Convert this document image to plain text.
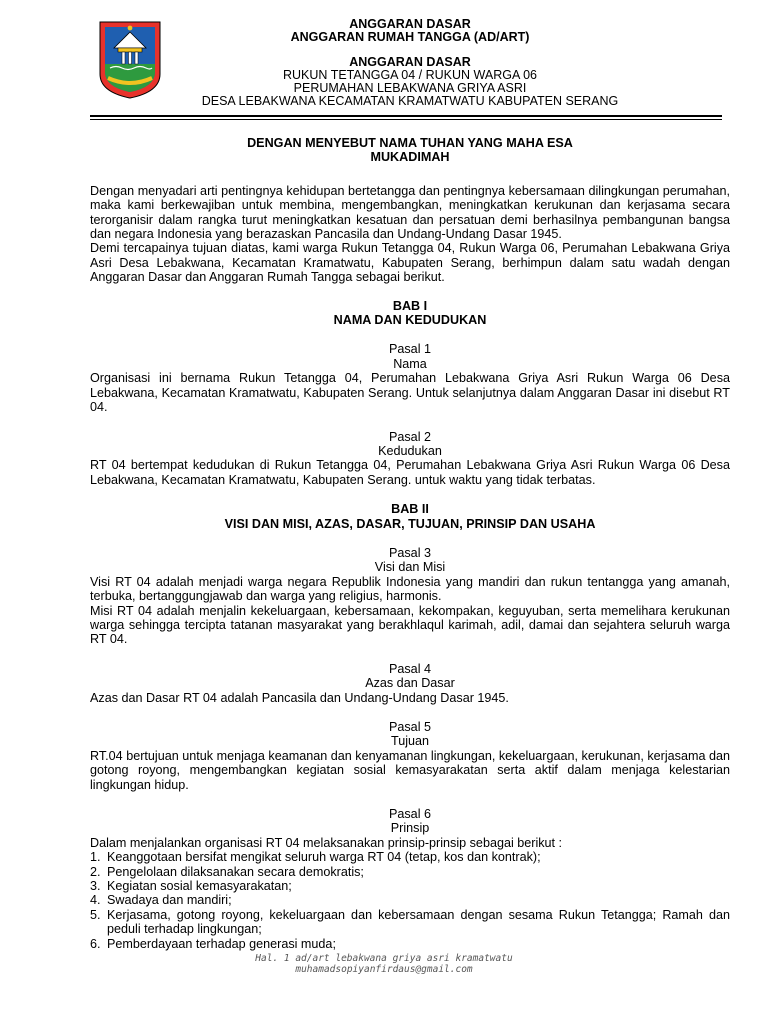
ANGGARAN DASAR
ANGGARAN RUMAH TANGGA (AD/ART)
ANGGARAN DASAR
RUKUN TETANGGA 04 / RUKUN WARGA 06
PERUMAHAN LEBAKWANA GRIYA ASRI
DESA LEBAKWANA KECAMATAN KRAMATWATU KABUPATEN SERANG
DENGAN MENYEBUT NAMA TUHAN YANG MAHA ESA
MUKADIMAH
Dengan menyadari arti pentingnya kehidupan bertetangga dan pentingnya kebersamaan dilingkungan perumahan, maka kami berkewajiban untuk membina, mengembangkan, meningkatkan kerukunan dan kerjasama secara terorganisir dalam rangka turut meningkatkan kesatuan dan persatuan demi berhasilnya pembangunan bangsa dan negara Indonesia yang berazaskan Pancasila dan Undang-Undang Dasar 1945.
Demi tercapainya tujuan diatas, kami warga Rukun Tetangga 04, Rukun Warga 06, Perumahan Lebakwana Griya Asri Desa Lebakwana, Kecamatan Kramatwatu, Kabupaten Serang, berhimpun dalam satu wadah dengan Anggaran Dasar dan Anggaran Rumah Tangga sebagai berikut.
BAB I
NAMA DAN KEDUDUKAN
Pasal 1
Nama
Organisasi ini bernama Rukun Tetangga 04, Perumahan Lebakwana Griya Asri Rukun Warga 06 Desa Lebakwana, Kecamatan Kramatwatu, Kabupaten Serang. Untuk selanjutnya dalam Anggaran Dasar ini disebut RT 04.
Pasal 2
Kedudukan
RT 04 bertempat kedudukan di Rukun Tetangga 04, Perumahan Lebakwana Griya Asri Rukun Warga 06 Desa Lebakwana, Kecamatan Kramatwatu, Kabupaten Serang. untuk waktu yang tidak terbatas.
BAB II
VISI DAN MISI, AZAS, DASAR, TUJUAN, PRINSIP DAN USAHA
Pasal 3
Visi dan Misi
Visi RT 04 adalah menjadi warga negara Republik Indonesia yang mandiri dan rukun tentangga yang amanah, terbuka, bertanggungjawab dan warga yang religius, harmonis.
Misi RT 04 adalah menjalin kekeluargaan, kebersamaan, kekompakan, keguyuban, serta memelihara kerukunan warga sehingga tercipta tatanan masyarakat yang berakhlaqul karimah, adil, damai dan sejahtera seluruh warga RT 04.
Pasal 4
Azas dan Dasar
Azas dan Dasar RT 04 adalah Pancasila dan Undang-Undang Dasar 1945.
Pasal 5
Tujuan
RT.04 bertujuan untuk menjaga keamanan dan kenyamanan lingkungan, kekeluargaan, kerukunan, kerjasama dan gotong royong, mengembangkan kegiatan sosial kemasyarakatan serta aktif dalam menjaga kelestarian lingkungan hidup.
Pasal 6
Prinsip
Dalam menjalankan organisasi RT 04 melaksanakan prinsip-prinsip sebagai berikut :
1. Keanggotaan bersifat mengikat seluruh warga RT 04 (tetap, kos dan kontrak);
2. Pengelolaan dilaksanakan secara demokratis;
3. Kegiatan sosial kemasyarakatan;
4. Swadaya dan mandiri;
5. Kerjasama, gotong royong, kekeluargaan dan kebersamaan dengan sesama Rukun Tetangga; Ramah dan peduli terhadap lingkungan;
6. Pemberdayaan terhadap generasi muda;
Hal. 1 ad/art lebakwana griya asri kramatwatu
muhamadsopiyanfirdaus@gmail.com
